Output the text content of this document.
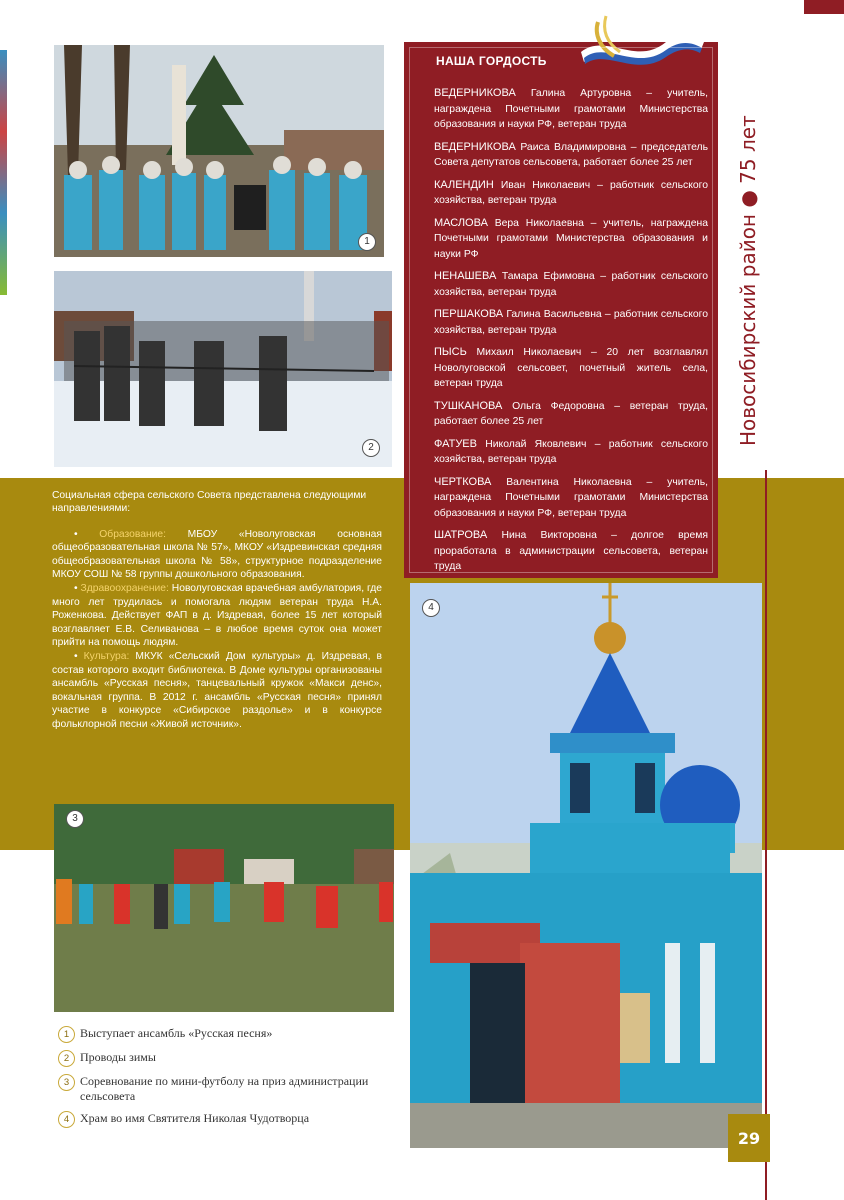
1
2
НАША ГОРДОСТЬ
ВЕДЕРНИКОВА Галина Артуровна – учитель, награждена Почетными грамотами Министерства образования и науки РФ, ветеран труда
ВЕДЕРНИКОВА Раиса Владимировна – председатель Совета депутатов сельсовета, работает более 25 лет
КАЛЕНДИН Иван Николаевич – работник сельского хозяйства, ветеран труда
МАСЛОВА Вера Николаевна – учитель, награждена Почетными грамотами Министерства образования и науки РФ
НЕНАШЕВА Тамара Ефимовна – работник сельского хозяйства, ветеран труда
ПЕРШАКОВА Галина Васильевна – работник сельского хозяйства, ветеран труда
ПЫСЬ Михаил Николаевич – 20 лет возглавлял Новолуговской сельсовет, почетный житель села, ветеран труда
ТУШКАНОВА Ольга Федоровна – ветеран труда, работает более 25 лет
ФАТУЕВ Николай Яковлевич – работник сельского хозяйства, ветеран труда
ЧЕРТКОВА Валентина Николаевна – учитель, награждена Почетными грамотами Министерства образования и науки РФ, ветеран труда
ШАТРОВА Нина Викторовна – долгое время проработала в администрации сельсовета, ветеран труда
Новосибирский район ● 75 лет
Социальная сфера сельского Совета представлена следующими направлениями:

• Образование: МБОУ «Новолуговская основная общеобразовательная школа № 57», МКОУ «Издревинская средняя общеобразовательная школа № 58», структурное подразделение МКОУ СОШ № 58 группы дошкольного образования.

• Здравоохранение: Новолуговская врачебная амбулатория, где много лет трудилась и помогала людям ветеран труда Н.А. Роженкова. Действует ФАП в д. Издревая, более 15 лет который возглавляет Е.В. Селиванова – в любое время суток она может прийти на помощь людям.

• Культура: МКУК «Сельский Дом культуры» д. Издревая, в состав которого входит библиотека. В Доме культуры организованы ансамбль «Русская песня», танцевальный кружок «Макси денс», вокальная группа. В 2012 г. ансамбль «Русская песня» принял участие в конкурсе «Сибирское раздолье» и в конкурсе фольклорной песни «Живой источник».

3
4
1 Выступает ансамбль «Русская песня»
2 Проводы зимы
3 Соревнование по мини-футболу на приз администрации сельсовета
4 Храм во имя Святителя Николая Чудотворца
29
